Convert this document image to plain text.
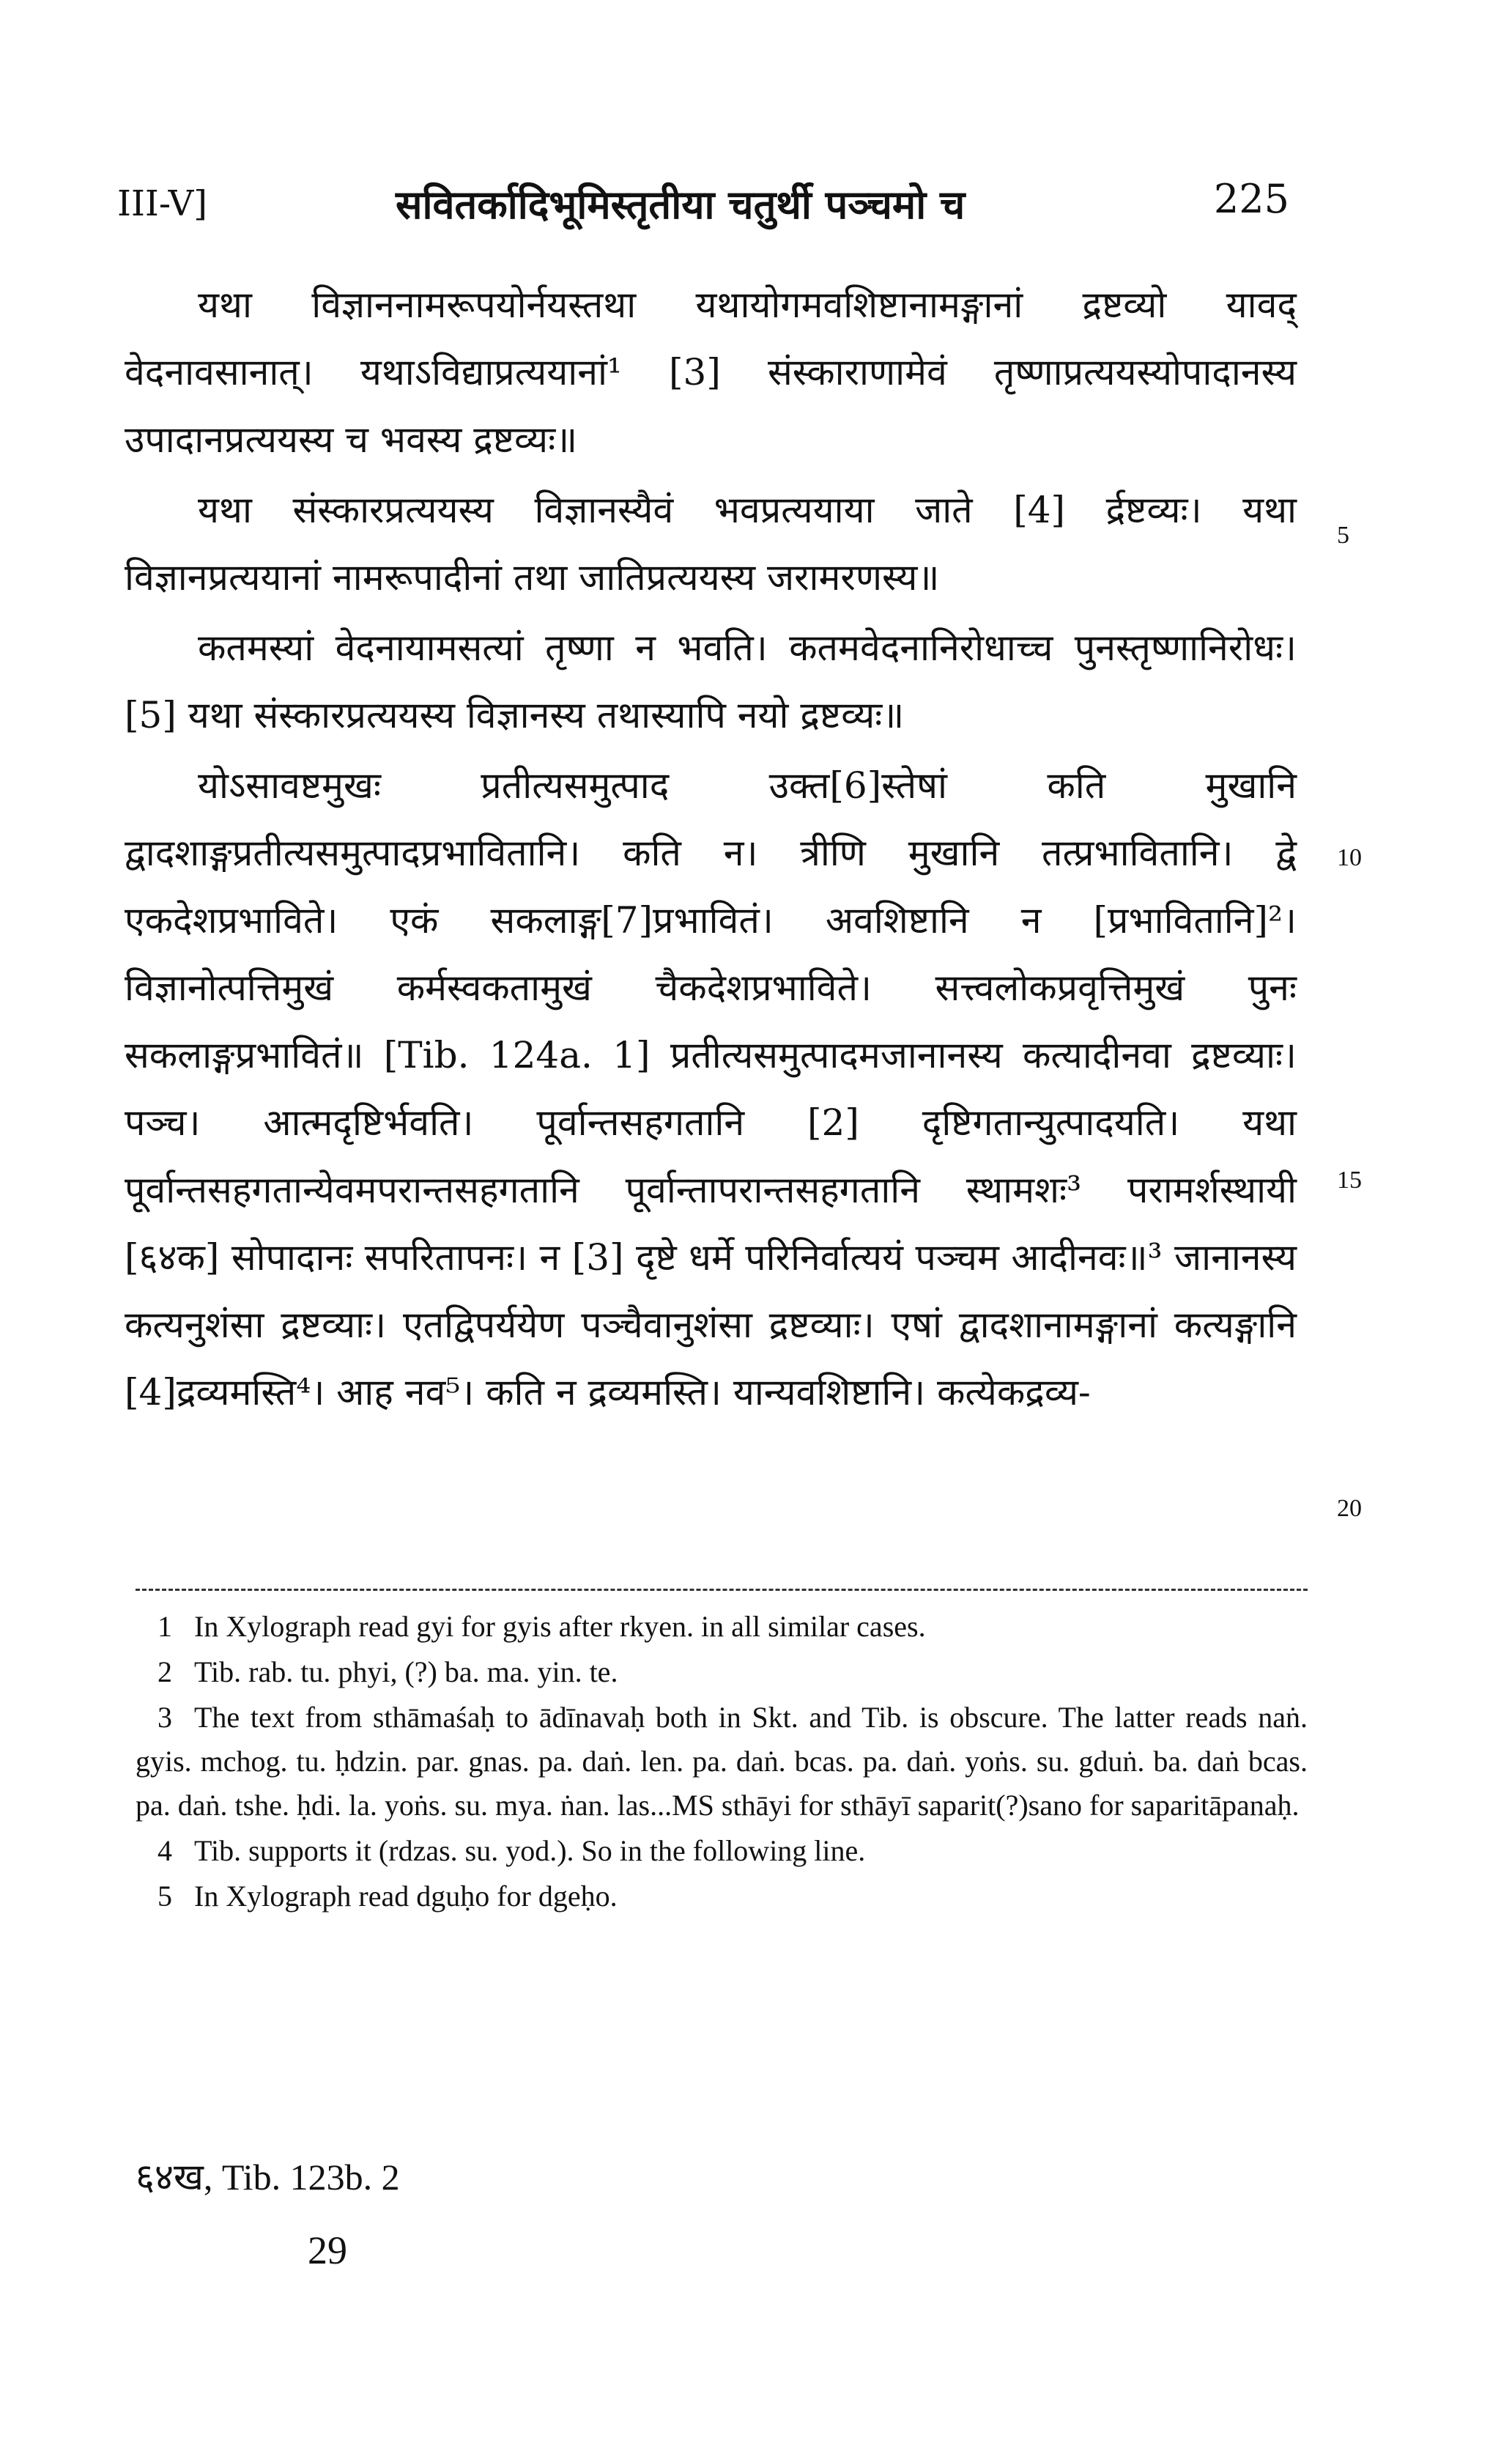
III-V]	सवितर्कादिभूमिस्तृतीया चतुर्थी पञ्चमो च	225

यथा विज्ञाननामरूपयोर्नयस्तथा यथायोगमवशिष्टानामङ्गानां द्रष्टव्यो यावद् वेदनावसानात्। यथाऽविद्याप्रत्ययानां¹ [3] संस्काराणामेवं तृष्णाप्रत्ययस्योपादानस्य उपादानप्रत्ययस्य च भवस्य द्रष्टव्यः॥

यथा संस्कारप्रत्ययस्य विज्ञानस्यैवं भवप्रत्ययाया जाते [4] र्द्रष्टव्यः। यथा विज्ञानप्रत्ययानां नामरूपादीनां तथा जातिप्रत्ययस्य जरामरणस्य॥

कतमस्यां वेदनायामसत्यां तृष्णा न भवति। कतमवेदनानिरोधाच्च पुनस्तृष्णानिरोधः। [5] यथा संस्कारप्रत्ययस्य विज्ञानस्य तथास्यापि नयो द्रष्टव्यः॥

योऽसावष्टमुखः प्रतीत्यसमुत्पाद उक्त[6]स्तेषां कति मुखानि द्वादशाङ्गप्रतीत्यसमुत्पादप्रभावितानि। कति न। त्रीणि मुखानि तत्प्रभावितानि। द्वे एकदेशप्रभाविते। एकं सकलाङ्ग[7]प्रभावितं। अवशिष्टानि न [प्रभावितानि]²। विज्ञानोत्पत्तिमुखं कर्मस्वकतामुखं चैकदेशप्रभाविते। सत्त्वलोकप्रवृत्तिमुखं पुनः सकलाङ्गप्रभावितं॥ [Tib. 124a. 1] प्रतीत्यसमुत्पादमजानानस्य कत्यादीनवा द्रष्टव्याः। पञ्च। आत्मदृष्टिर्भवति। पूर्वान्तसहगतानि [2] दृष्टिगतान्युत्पादयति। यथा पूर्वान्तसहगतान्येवमपरान्तसहगतानि पूर्वान्तापरान्तसहगतानि स्थामशः³ परामर्शस्थायी [६४क] सोपादानः सपरितापनः। न [3] दृष्टे धर्मे परिनिर्वात्ययं पञ्चम आदीनवः॥³ जानानस्य कत्यनुशंसा द्रष्टव्याः। एतद्विपर्ययेण पञ्चैवानुशंसा द्रष्टव्याः। एषां द्वादशानामङ्गानां कत्यङ्गानि [4]द्रव्यमस्ति⁴। आह नव⁵। कति न द्रव्यमस्ति। यान्यवशिष्टानि। कत्येकद्रव्य-

5
10
15
20
1 In Xylograph read gyi for gyis after rkyen. in all similar cases.
2 Tib. rab. tu. phyi, (?) ba. ma. yin. te.
3 The text from sthāmaśaḥ to ādīnavaḥ both in Skt. and Tib. is obscure. The latter reads naṅ. gyis. mchog. tu. ḥdzin. par. gnas. pa. daṅ. len. pa. daṅ. bcas. pa. daṅ. yoṅs. su. gduṅ. ba. daṅ bcas. pa. daṅ. tshe. ḥdi. la. yoṅs. su. mya. ṅan. las...MS sthāyi for sthāyī saparit(?)sano for saparitāpanaḥ.
4 Tib. supports it (rdzas. su. yod.). So in the following line.
5 In Xylograph read dguḥo for dgeḥo.
६४ख, Tib. 123b. 2
29
